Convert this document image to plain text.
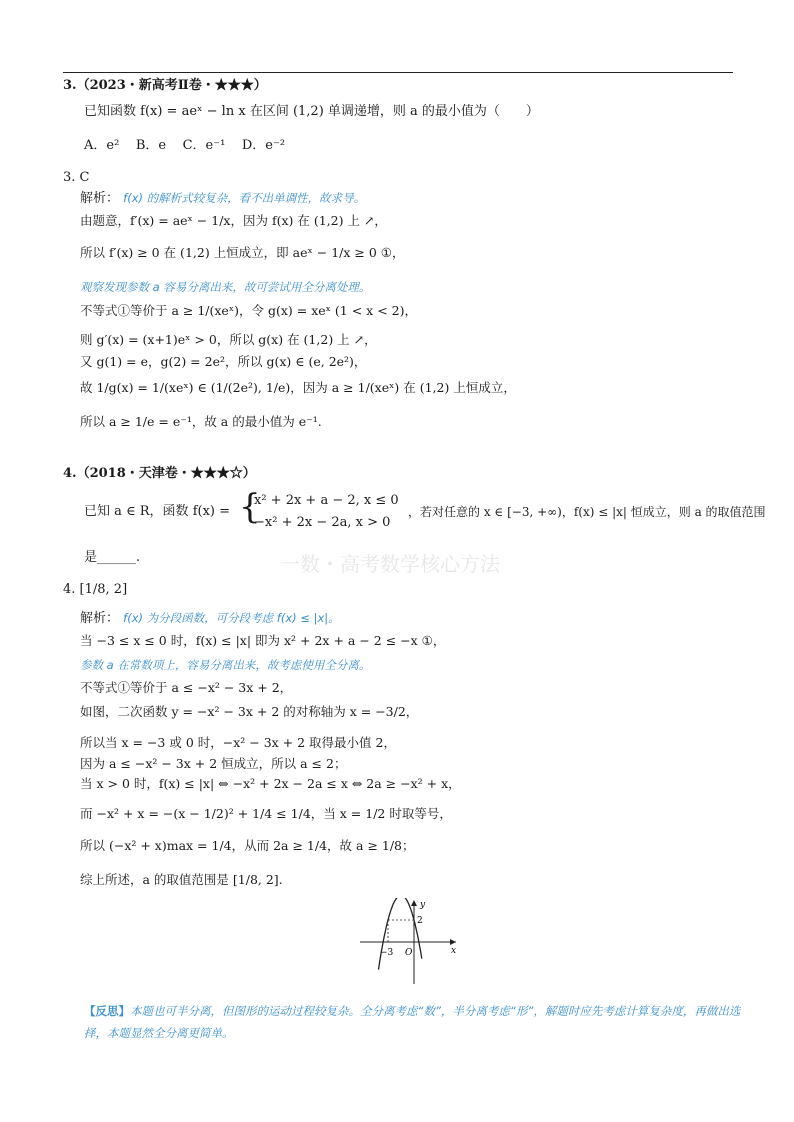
3.（2023・新高考Ⅱ卷・★★★）
已知函数 f(x) = aeˣ − ln x 在区间 (1,2) 单调递增，则 a 的最小值为（　　）
A．e² B．e C．e⁻¹ D．e⁻²
3. C
解析： f(x) 的解析式较复杂，看不出单调性，故求导。
由题意，f′(x) = aeˣ − 1/x，因为 f(x) 在 (1,2) 上 ↗，
所以 f′(x) ≥ 0 在 (1,2) 上恒成立，即 aeˣ − 1/x ≥ 0 ①，
观察发现参数 a 容易分离出来，故可尝试用全分离处理。
不等式①等价于 a ≥ 1/(xeˣ)，令 g(x) = xeˣ (1 < x < 2)，
则 g′(x) = (x+1)eˣ > 0，所以 g(x) 在 (1,2) 上 ↗，
又 g(1) = e，g(2) = 2e²，所以 g(x) ∈ (e, 2e²)，
故 1/g(x) = 1/(xeˣ) ∈ (1/(2e²), 1/e)，因为 a ≥ 1/(xeˣ) 在 (1,2) 上恒成立，
所以 a ≥ 1/e = e⁻¹，故 a 的最小值为 e⁻¹.
4.（2018・天津卷・★★★☆）
已知 a ∈ R，函数 f(x) = {
x² + 2x + a − 2, x ≤ 0
−x² + 2x − 2a, x > 0
，若对任意的 x ∈ [−3, +∞)，f(x) ≤ |x| 恒成立，则 a 的取值范围
是______.	一数・高考数学核心方法
4. [1/8, 2]
解析： f(x) 为分段函数，可分段考虑 f(x) ≤ |x|。
当 −3 ≤ x ≤ 0 时，f(x) ≤ |x| 即为 x² + 2x + a − 2 ≤ −x ①，
参数 a 在常数项上，容易分离出来，故考虑使用全分离。
不等式①等价于 a ≤ −x² − 3x + 2，
如图，二次函数 y = −x² − 3x + 2 的对称轴为 x = −3/2，
所以当 x = −3 或 0 时，−x² − 3x + 2 取得最小值 2，
因为 a ≤ −x² − 3x + 2 恒成立，所以 a ≤ 2；
当 x > 0 时，f(x) ≤ |x| ⇔ −x² + 2x − 2a ≤ x ⇔ 2a ≥ −x² + x，
而 −x² + x = −(x − 1/2)² + 1/4 ≤ 1/4，当 x = 1/2 时取等号，
所以 (−x² + x)max = 1/4，从而 2a ≥ 1/4，故 a ≥ 1/8；
综上所述，a 的取值范围是 [1/8, 2].
y
x
2
−3 O
【反思】本题也可半分离，但图形的运动过程较复杂。全分离考虑“数”，半分离考虑“形”，解题时应先考虑计算复杂度，再做出选择，本题显然全分离更简单。
